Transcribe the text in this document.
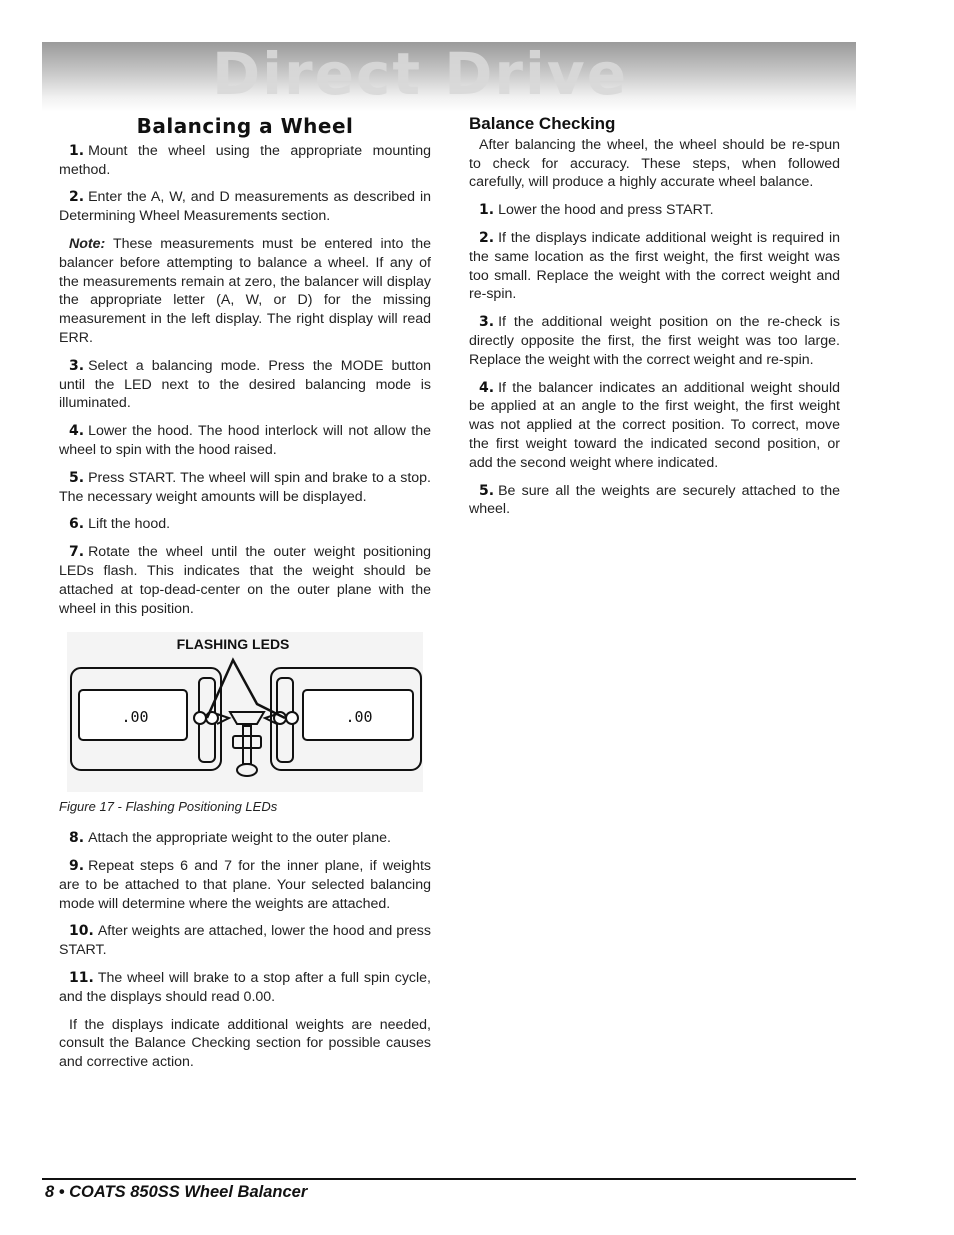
Direct Drive
Balancing a Wheel

1. Mount the wheel using the appropriate mounting method.

2. Enter the A, W, and D measurements as described in Determining Wheel Measurements section.

Note: These measurements must be entered into the balancer before attempting to balance a wheel. If any of the measurements remain at zero, the balancer will display the appropriate letter (A, W, or D) for the missing measurement in the left display. The right display will read ERR.

3. Select a balancing mode. Press the MODE button until the LED next to the desired balancing mode is illuminated.

4. Lower the hood. The hood interlock will not allow the wheel to spin with the hood raised.

5. Press START. The wheel will spin and brake to a stop. The necessary weight amounts will be displayed.

6. Lift the hood.

7. Rotate the wheel until the outer weight positioning LEDs flash. This indicates that the weight should be attached at top-dead-center on the outer plane with the wheel in this position.

FLASHING LEDS
.00	.00
Figure 17 - Flashing Positioning LEDs

8. Attach the appropriate weight to the outer plane.

9. Repeat steps 6 and 7 for the inner plane, if weights are to be attached to that plane. Your selected balancing mode will determine where the weights are attached.

10. After weights are attached, lower the hood and press START.

11. The wheel will brake to a stop after a full spin cycle, and the displays should read 0.00.

If the displays indicate additional weights are needed, consult the Balance Checking section for possible causes and corrective action.

Balance Checking

After balancing the wheel, the wheel should be re-spun to check for accuracy. These steps, when followed carefully, will produce a highly accurate wheel balance.

1. Lower the hood and press START.

2. If the displays indicate additional weight is required in the same location as the first weight, the first weight was too small. Replace the weight with the correct weight and re-spin.

3. If the additional weight position on the re-check is directly opposite the first, the first weight was too large. Replace the weight with the correct weight and re-spin.

4. If the balancer indicates an additional weight should be applied at an angle to the first weight, the first weight was not applied at the correct position. To correct, move the first weight toward the indicated second position, or add the second weight where indicated.

5. Be sure all the weights are securely attached to the wheel.

8 • COATS 850SS Wheel Balancer
